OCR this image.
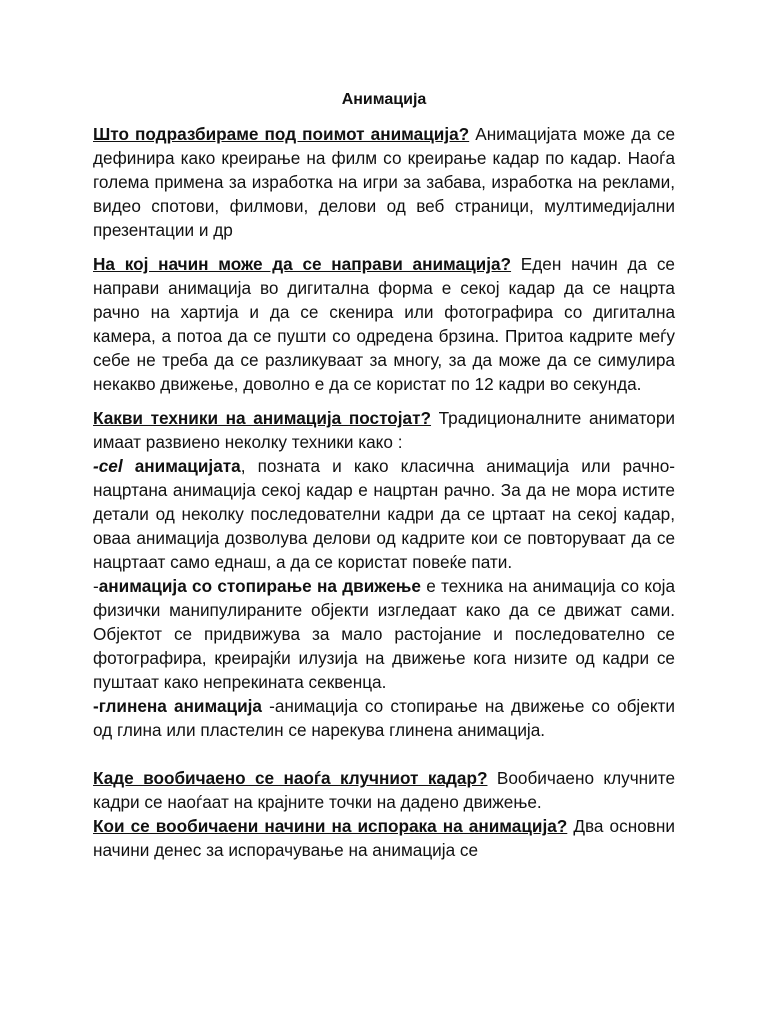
Анимација

Што подразбираме под поимот анимација? Анимацијата може да се дефинира како креирање на филм со креирање кадар по кадар. Наоѓа голема примена за изработка на игри за забава, изработка на реклами, видео спотови, филмови, делови од веб страници, мултимедијални презентации и др

На кој начин може да се направи анимација? Еден начин да се направи анимација во дигитална форма е секој кадар да се нацрта рачно на хартија и да се скенира или фотографира со дигитална камера, а потоа да се пушти со одредена брзина. Притоа кадрите меѓу себе не треба да се разликуваат за многу, за да може да се симулира некакво движење, доволно е да се користат по 12 кадри во секунда.

Какви техники на анимација постојат? Традиционалните аниматори имаат развиено неколку техники како :

-cel анимацијата, позната и како класична анимација или рачно-нацртана анимација секој кадар е нацртан рачно. За да не мора истите детали од неколку последователни кадри да се цртаат на секој кадар, оваа анимација дозволува делови од кадрите кои се повторуваат да се нацртаат само еднаш, а да се користат повеќе пати.

-анимација со стопирање на движење е техника на анимација со која физички манипулираните објекти изгледаат како да се движат сами. Објектот се придвижува за мало растојание и последователно се фотографира, креирајќи илузија на движење кога низите од кадри се пуштаат како непрекината секвенца.

-глинена анимација -анимација со стопирање на движење со објекти од глина или пластелин се нарекува глинена анимација.

Каде вообичаено се наоѓа клучниот кадар? Вообичаено клучните кадри се наоѓаат на крајните точки на дадено движење.

Кои се вообичаени начини на испорака на анимација? Два основни начини денес за испорачување на анимација се
